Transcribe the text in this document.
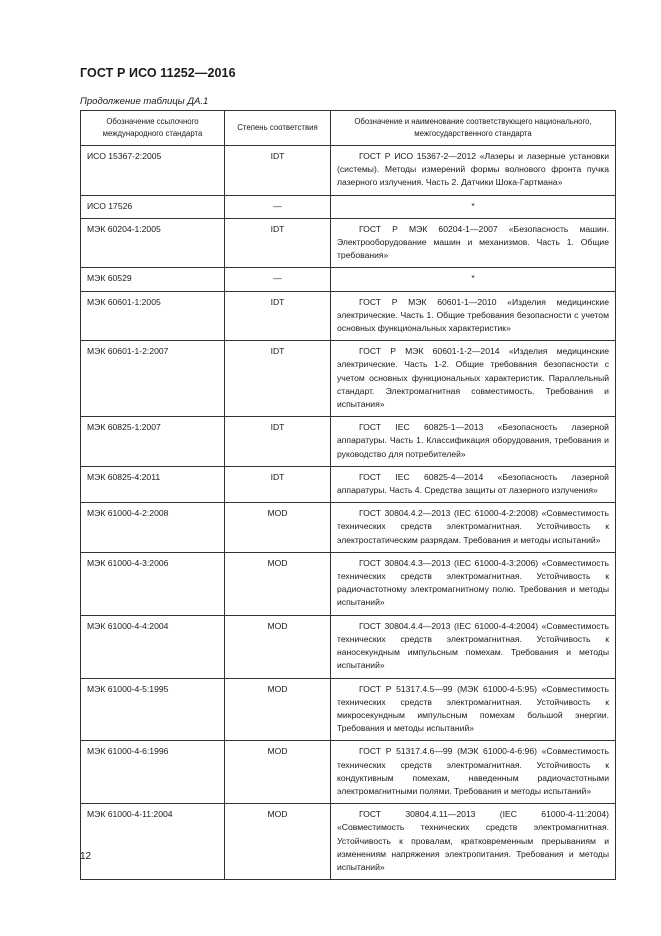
ГОСТ Р ИСО 11252—2016
Продолжение таблицы ДА.1
Обозначение ссылочного международного стандарта	Степень соответствия	Обозначение и наименование соответствующего национального, межгосударственного стандарта
ИСО 15367-2:2005	IDT	ГОСТ Р ИСО 15367-2—2012 «Лазеры и лазерные установки (системы). Методы измерений формы волнового фронта пучка лазерного излучения. Часть 2. Датчики Шока-Гартмана»
ИСО 17526	—	*
МЭК 60204-1:2005	IDT	ГОСТ Р МЭК 60204-1—2007 «Безопасность машин. Электрооборудование машин и механизмов. Часть 1. Общие требования»
МЭК 60529	—	*
МЭК 60601-1:2005	IDT	ГОСТ Р МЭК 60601-1—2010 «Изделия медицинские электрические. Часть 1. Общие требования безопасности с учетом основных функциональных характеристик»
МЭК 60601-1-2:2007	IDT	ГОСТ Р МЭК 60601-1-2—2014 «Изделия медицинские электрические. Часть 1-2. Общие требования безопасности с учетом основных функциональных характеристик. Параллельный стандарт. Электромагнитная совместимость. Требования и испытания»
МЭК 60825-1:2007	IDT	ГОСТ IEC 60825-1—2013 «Безопасность лазерной аппаратуры. Часть 1. Классификация оборудования, требования и руководство для потребителей»
МЭК 60825-4:2011	IDT	ГОСТ IEC 60825-4—2014 «Безопасность лазерной аппаратуры. Часть 4. Средства защиты от лазерного излучения»
МЭК 61000-4-2:2008	MOD	ГОСТ 30804.4.2—2013 (IEC 61000-4-2:2008) «Совместимость технических средств электромагнитная. Устойчивость к электростатическим разрядам. Требования и методы испытаний»
МЭК 61000-4-3:2006	MOD	ГОСТ 30804.4.3—2013 (IEC 61000-4-3:2006) «Совместимость технических средств электромагнитная. Устойчивость к радиочастотному электромагнитному полю. Требования и методы испытаний»
МЭК 61000-4-4:2004	MOD	ГОСТ 30804.4.4—2013 (IEC 61000-4-4:2004) «Совместимость технических средств электромагнитная. Устойчивость к наносекундным импульсным помехам. Требования и методы испытаний»
МЭК 61000-4-5:1995	MOD	ГОСТ Р 51317.4.5—99 (МЭК 61000-4-5:95) «Совместимость технических средств электромагнитная. Устойчивость к микросекундным импульсным помехам большой энергии. Требования и методы испытаний»
МЭК 61000-4-6:1996	MOD	ГОСТ Р 51317.4.6—99 (МЭК 61000-4-6:96) «Совместимость технических средств электромагнитная. Устойчивость к кондуктивным помехам, наведенным радиочастотными электромагнитными полями. Требования и методы испытаний»
МЭК 61000-4-11:2004	MOD	ГОСТ 30804.4.11—2013 (IEC 61000-4-11:2004) «Совместимость технических средств электромагнитная. Устойчивость к провалам, кратковременным прерываниям и изменениям напряжения электропитания. Требования и методы испытаний»
12
